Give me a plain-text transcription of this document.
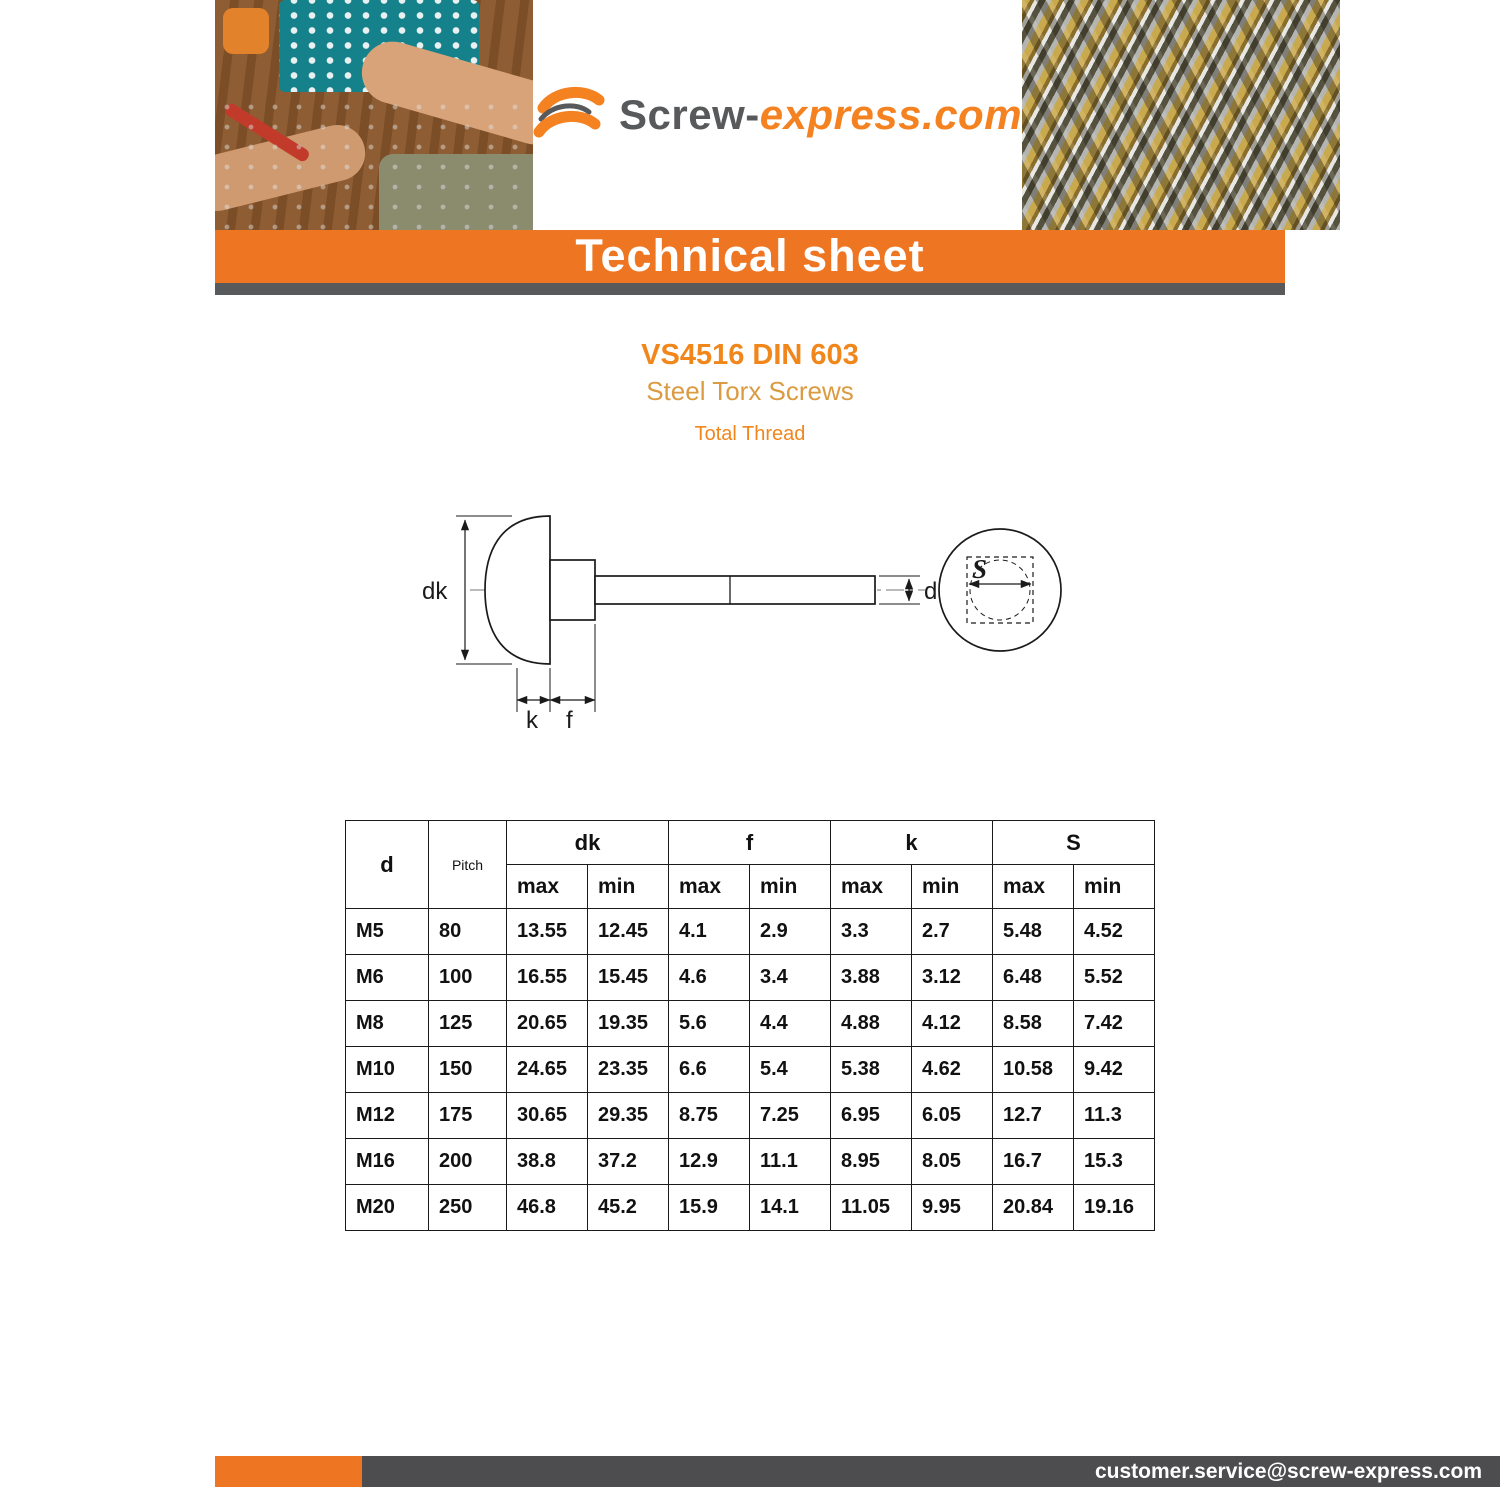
Screw-express.com
Technical sheet
VS4516 DIN 603
Steel Torx Screws
Total Thread
dk
k f
d
S
d	Pitch	dk		f		k		S	
		max	min	max	min	max	min	max	min
M5	80	13.55	12.45	4.1	2.9	3.3	2.7	5.48	4.52
M6	100	16.55	15.45	4.6	3.4	3.88	3.12	6.48	5.52
M8	125	20.65	19.35	5.6	4.4	4.88	4.12	8.58	7.42
M10	150	24.65	23.35	6.6	5.4	5.38	4.62	10.58	9.42
M12	175	30.65	29.35	8.75	7.25	6.95	6.05	12.7	11.3
M16	200	38.8	37.2	12.9	11.1	8.95	8.05	16.7	15.3
M20	250	46.8	45.2	15.9	14.1	11.05	9.95	20.84	19.16
customer.service@screw-express.com
